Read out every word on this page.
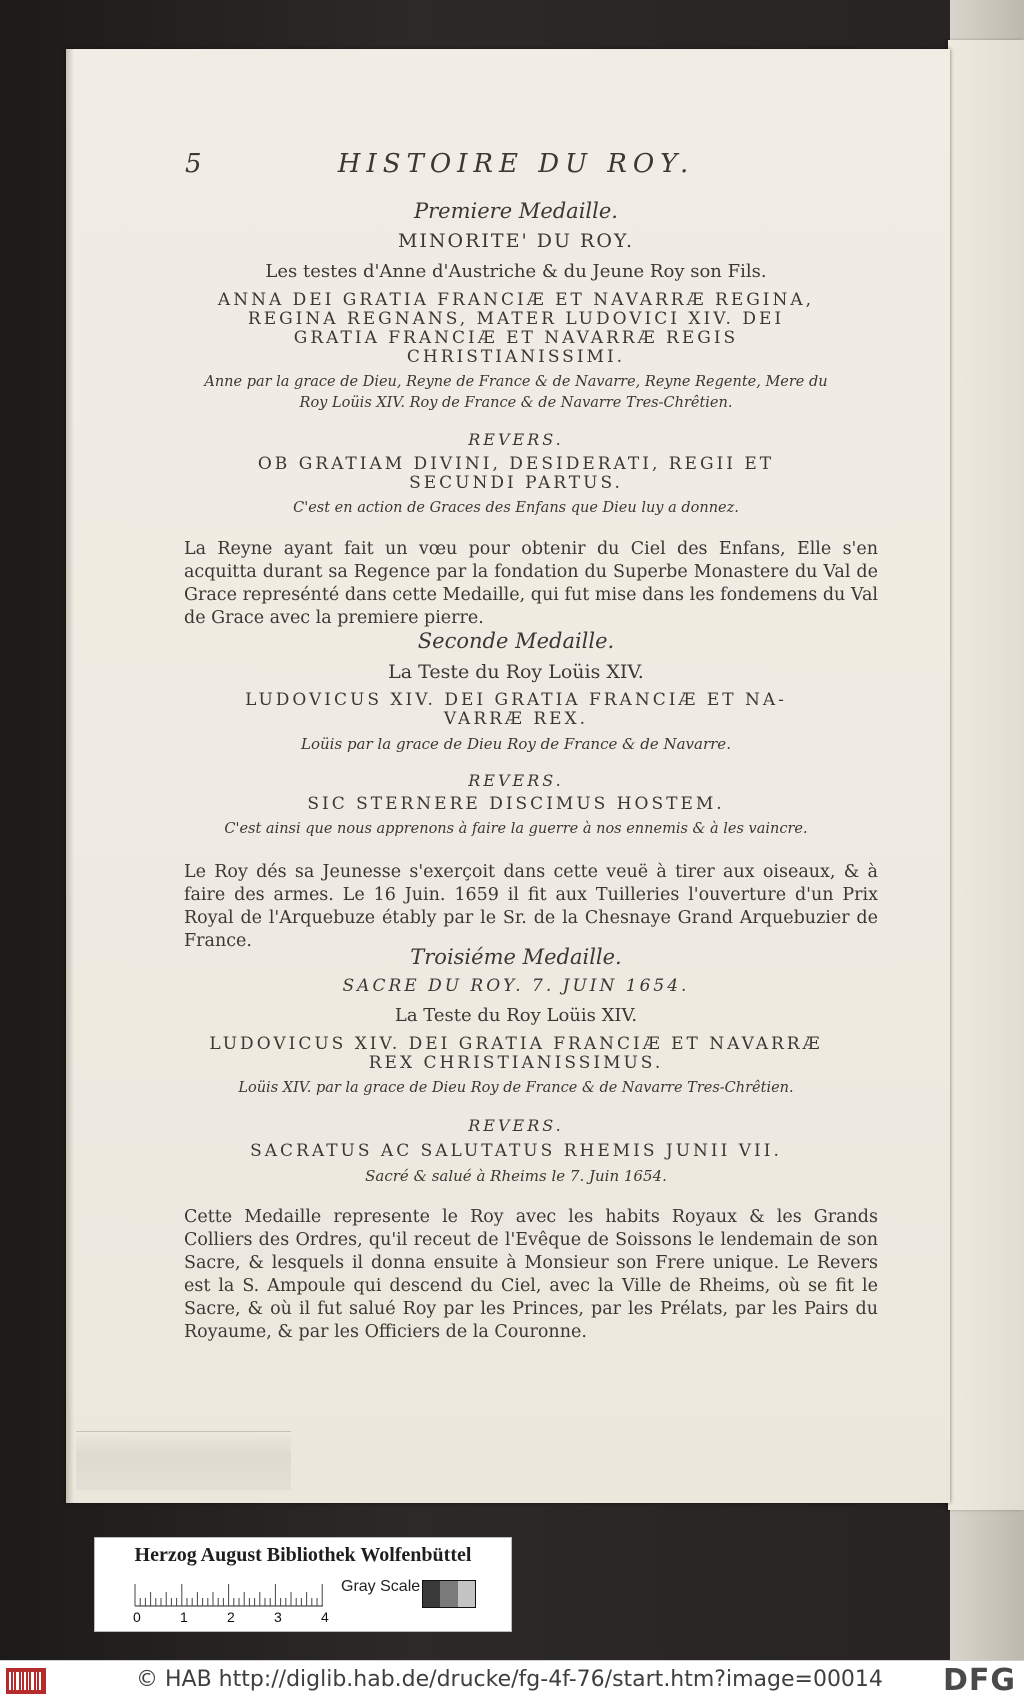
5	HISTOIRE DU ROY.
Premiere Medaille.
MINORITE' DU ROY.
Les testes d'Anne d'Austriche & du Jeune Roy son Fils.
ANNA DEI GRATIA FRANCIÆ ET NAVARRÆ REGINA,
REGINA REGNANS, MATER LUDOVICI XIV. DEI
GRATIA FRANCIÆ ET NAVARRÆ REGIS
CHRISTIANISSIMI.
Anne par la grace de Dieu, Reyne de France & de Navarre, Reyne Regente, Mere du
Roy Loüis XIV. Roy de France & de Navarre Tres-Chrêtien.
REVERS.
OB GRATIAM DIVINI, DESIDERATI, REGII ET
SECUNDI PARTUS.
C'est en action de Graces des Enfans que Dieu luy a donnez.
La Reyne ayant fait un vœu pour obtenir du Ciel des Enfans, Elle s'en acquitta durant sa Regence par la fondation du Superbe Monastere du Val de Grace represénté dans cette Medaille, qui fut mise dans les fondemens du Val de Grace avec la premiere pierre.
Seconde Medaille.
La Teste du Roy Loüis XIV.
LUDOVICUS XIV. DEI GRATIA FRANCIÆ ET NA-
VARRÆ REX.
Loüis par la grace de Dieu Roy de France & de Navarre.
REVERS.
SIC STERNERE DISCIMUS HOSTEM.
C'est ainsi que nous apprenons à faire la guerre à nos ennemis & à les vaincre.
Le Roy dés sa Jeunesse s'exerçoit dans cette veuë à tirer aux oiseaux, & à faire des armes. Le 16 Juin. 1659 il fit aux Tuilleries l'ouverture d'un Prix Royal de l'Arquebuze étably par le Sr. de la Chesnaye Grand Arquebuzier de France.
Troisiéme Medaille.
SACRE DU ROY. 7. JUIN 1654.
La Teste du Roy Loüis XIV.
LUDOVICUS XIV. DEI GRATIA FRANCIÆ ET NAVARRÆ
REX CHRISTIANISSIMUS.
Loüis XIV. par la grace de Dieu Roy de France & de Navarre Tres-Chrêtien.
REVERS.
SACRATUS AC SALUTATUS RHEMIS JUNII VII.
Sacré & salué à Rheims le 7. Juin 1654.
Cette Medaille represente le Roy avec les habits Royaux & les Grands Colliers des Ordres, qu'il receut de l'Evêque de Soissons le lendemain de son Sacre, & lesquels il donna ensuite à Monsieur son Frere unique. Le Revers est la S. Ampoule qui descend du Ciel, avec la Ville de Rheims, où se fit le Sacre, & où il fut salué Roy par les Princes, par les Prélats, par les Pairs du Royaume, & par les Officiers de la Couronne.
Herzog August Bibliothek Wolfenbüttel
Gray Scale
0	1	2	3	4
© HAB http://diglib.hab.de/drucke/fg-4f-76/start.htm?image=00014 DFG
